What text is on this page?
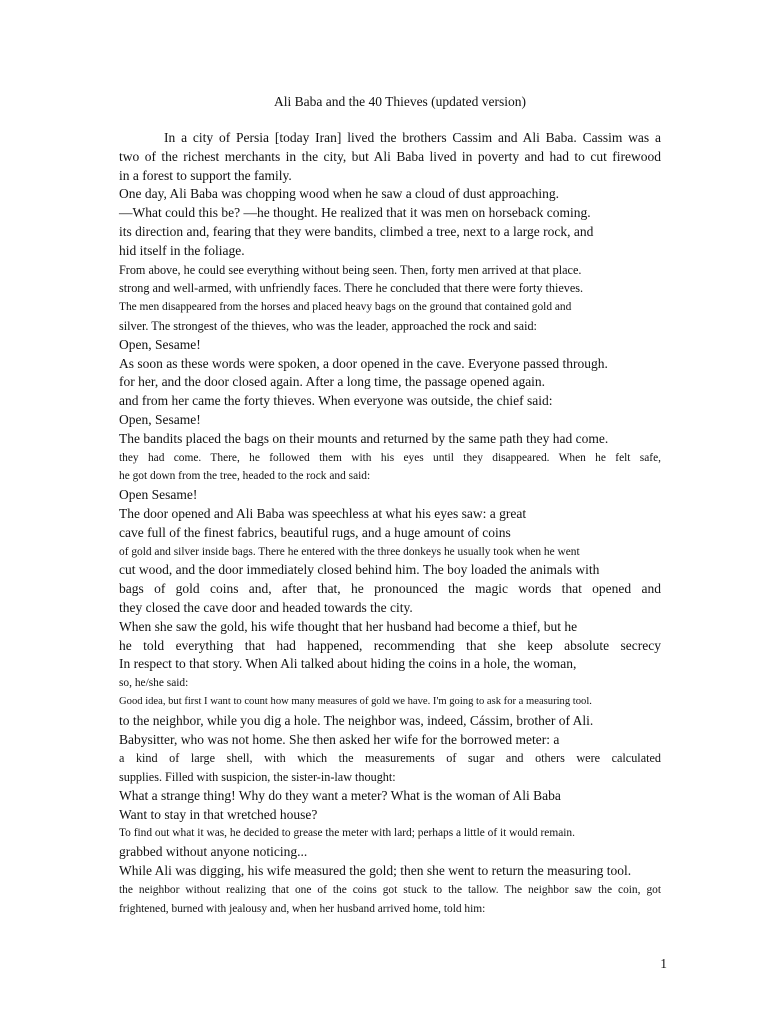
Ali Baba and the 40 Thieves (updated version)
In a city of Persia [today Iran] lived the brothers Cassim and Ali Baba. Cassim was a
two of the richest merchants in the city, but Ali Baba lived in poverty and had to cut firewood
in a forest to support the family.
One day, Ali Baba was chopping wood when he saw a cloud of dust approaching.
—What could this be? —he thought. He realized that it was men on horseback coming.
its direction and, fearing that they were bandits, climbed a tree, next to a large rock, and
hid itself in the foliage.
From above, he could see everything without being seen. Then, forty men arrived at that place.
strong and well-armed, with unfriendly faces. There he concluded that there were forty thieves.
The men disappeared from the horses and placed heavy bags on the ground that contained gold and
silver. The strongest of the thieves, who was the leader, approached the rock and said:
Open, Sesame!
As soon as these words were spoken, a door opened in the cave. Everyone passed through.
for her, and the door closed again. After a long time, the passage opened again.
and from her came the forty thieves. When everyone was outside, the chief said:
Open, Sesame!
The bandits placed the bags on their mounts and returned by the same path they had come.
they had come. There, he followed them with his eyes until they disappeared. When he felt safe,
he got down from the tree, headed to the rock and said:
Open Sesame!
The door opened and Ali Baba was speechless at what his eyes saw: a great
cave full of the finest fabrics, beautiful rugs, and a huge amount of coins
of gold and silver inside bags. There he entered with the three donkeys he usually took when he went
cut wood, and the door immediately closed behind him. The boy loaded the animals with
bags of gold coins and, after that, he pronounced the magic words that opened and
they closed the cave door and headed towards the city.
When she saw the gold, his wife thought that her husband had become a thief, but he
he told everything that had happened, recommending that she keep absolute secrecy
In respect to that story. When Ali talked about hiding the coins in a hole, the woman,
so, he/she said:
Good idea, but first I want to count how many measures of gold we have. I'm going to ask for a measuring tool.
to the neighbor, while you dig a hole. The neighbor was, indeed, Cássim, brother of Ali.
Babysitter, who was not home. She then asked her wife for the borrowed meter: a
a kind of large shell, with which the measurements of sugar and others were calculated
supplies. Filled with suspicion, the sister-in-law thought:
What a strange thing! Why do they want a meter? What is the woman of Ali Baba
Want to stay in that wretched house?
To find out what it was, he decided to grease the meter with lard; perhaps a little of it would remain.
grabbed without anyone noticing...
While Ali was digging, his wife measured the gold; then she went to return the measuring tool.
the neighbor without realizing that one of the coins got stuck to the tallow. The neighbor saw the coin, got
frightened, burned with jealousy and, when her husband arrived home, told him:
1
